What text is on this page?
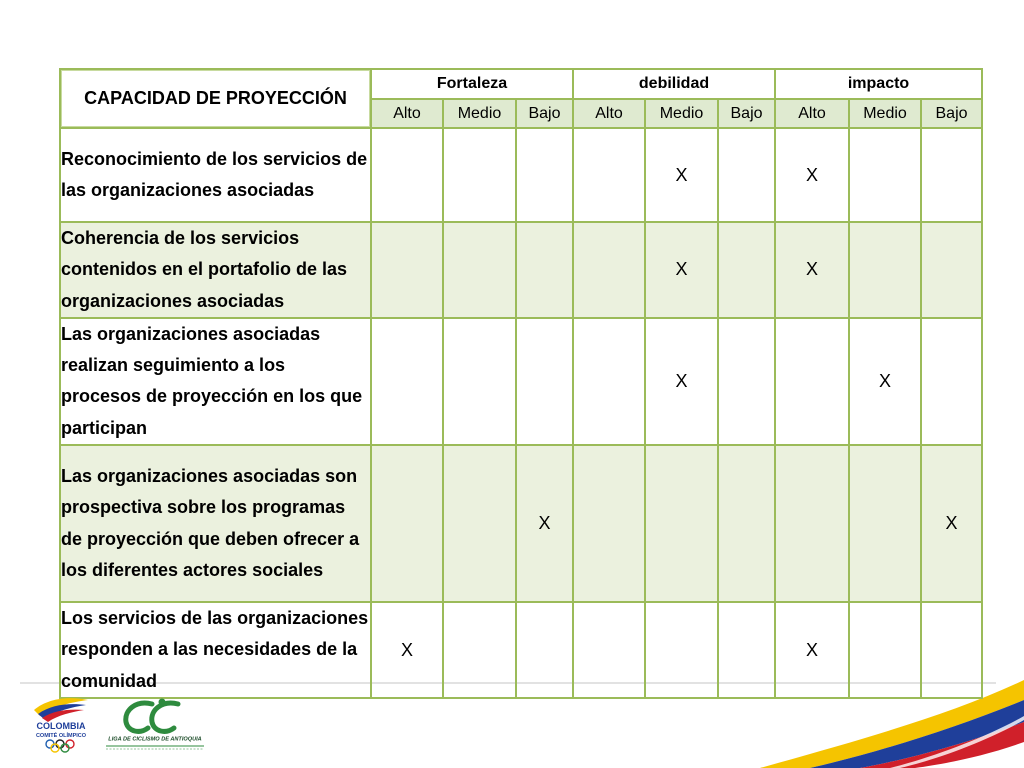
CAPACIDAD DE PROYECCIÓN	Fortaleza			debilidad			impacto		
	Alto	Medio	Bajo	Alto	Medio	Bajo	Alto	Medio	Bajo
Reconocimiento de los servicios de las organizaciones asociadas					X		X		
Coherencia de los servicios contenidos en el portafolio de las organizaciones asociadas					X		X		
Las organizaciones asociadas realizan seguimiento a los procesos de proyección en los que participan					X			X	
Las organizaciones asociadas son prospectiva sobre los programas de proyección que deben ofrecer a los diferentes actores sociales			X						X
Los servicios de las organizaciones responden a las necesidades de la comunidad	X						X		
COLOMBIA
COMITÉ OLÍMPICO
LIGA DE CICLISMO DE ANTIOQUIA
